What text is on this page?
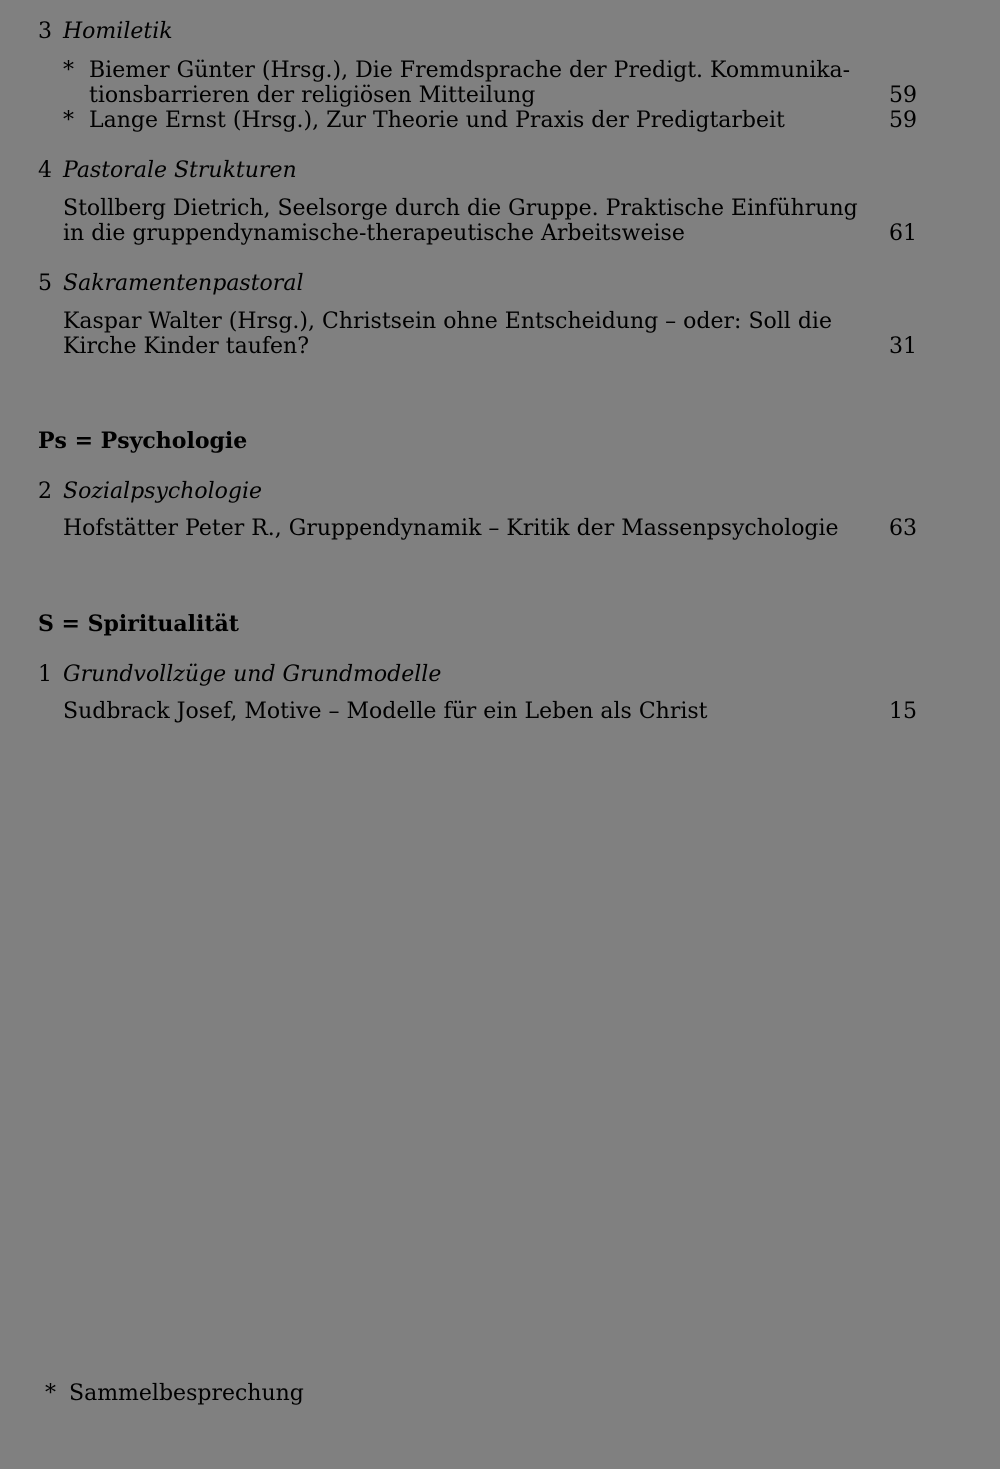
3 Homiletik
* Biemer Günter (Hrsg.), Die Fremdsprache der Predigt. Kommunika-
tionsbarrieren der religiösen Mitteilung	59
* Lange Ernst (Hrsg.), Zur Theorie und Praxis der Predigtarbeit	59
4 Pastorale Strukturen
Stollberg Dietrich, Seelsorge durch die Gruppe. Praktische Einführung
in die gruppendynamische-therapeutische Arbeitsweise	61
5 Sakramentenpastoral
Kaspar Walter (Hrsg.), Christsein ohne Entscheidung – oder: Soll die
Kirche Kinder taufen?	31
Ps = Psychologie
2 Sozialpsychologie
Hofstätter Peter R., Gruppendynamik – Kritik der Massenpsychologie	63
S = Spiritualität
1 Grundvollzüge und Grundmodelle
Sudbrack Josef, Motive – Modelle für ein Leben als Christ	15
* Sammelbesprechung
